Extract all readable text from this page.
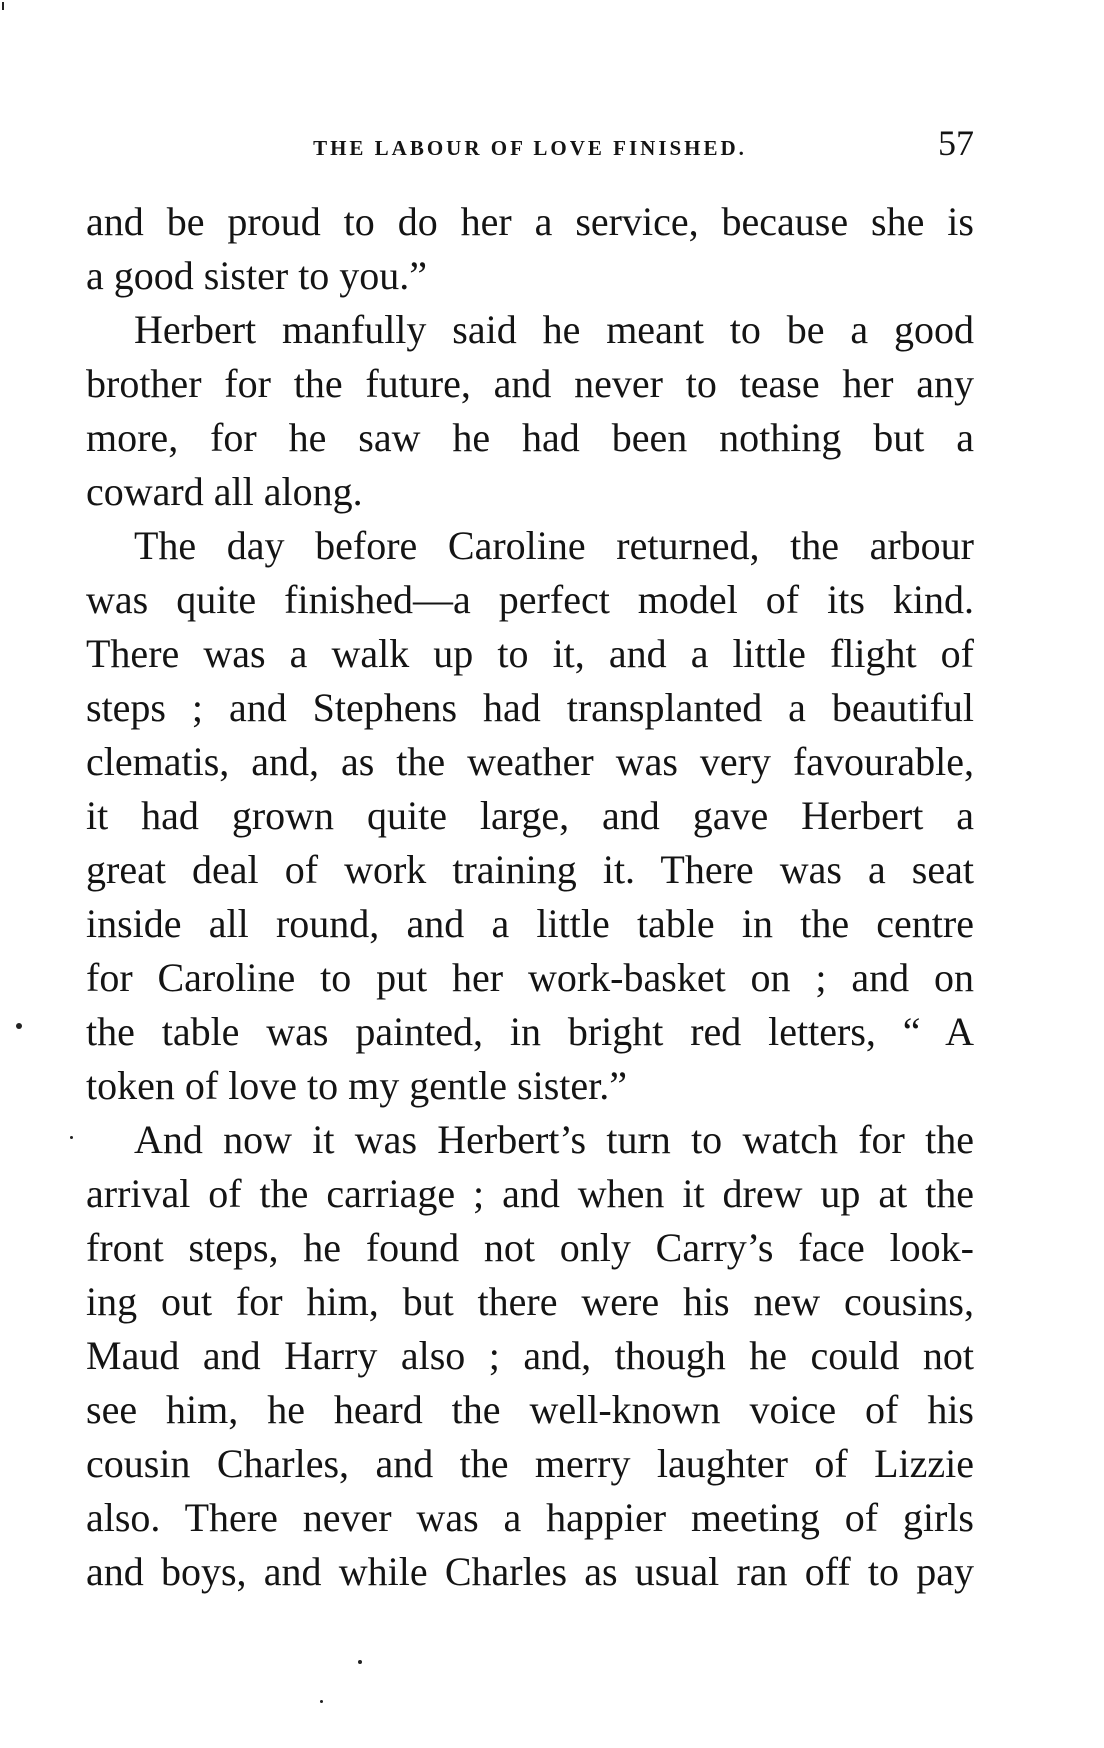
THE LABOUR OF LOVE FINISHED.	57
and be proud to do her a service, because she is
a good sister to you.”
Herbert manfully said he meant to be a good
brother for the future, and never to tease her any
more, for he saw he had been nothing but a
coward all along.
The day before Caroline returned, the arbour
was quite finished—a perfect model of its kind.
There was a walk up to it, and a little flight of
steps ; and Stephens had transplanted a beautiful
clematis, and, as the weather was very favourable,
it had grown quite large, and gave Herbert a
great deal of work training it. There was a seat
inside all round, and a little table in the centre
for Caroline to put her work-basket on ; and on
the table was painted, in bright red letters, “ A
token of love to my gentle sister.”
And now it was Herbert’s turn to watch for the
arrival of the carriage ; and when it drew up at the
front steps, he found not only Carry’s face look-
ing out for him, but there were his new cousins,
Maud and Harry also ; and, though he could not
see him, he heard the well-known voice of his
cousin Charles, and the merry laughter of Lizzie
also. There never was a happier meeting of girls
and boys, and while Charles as usual ran off to pay
